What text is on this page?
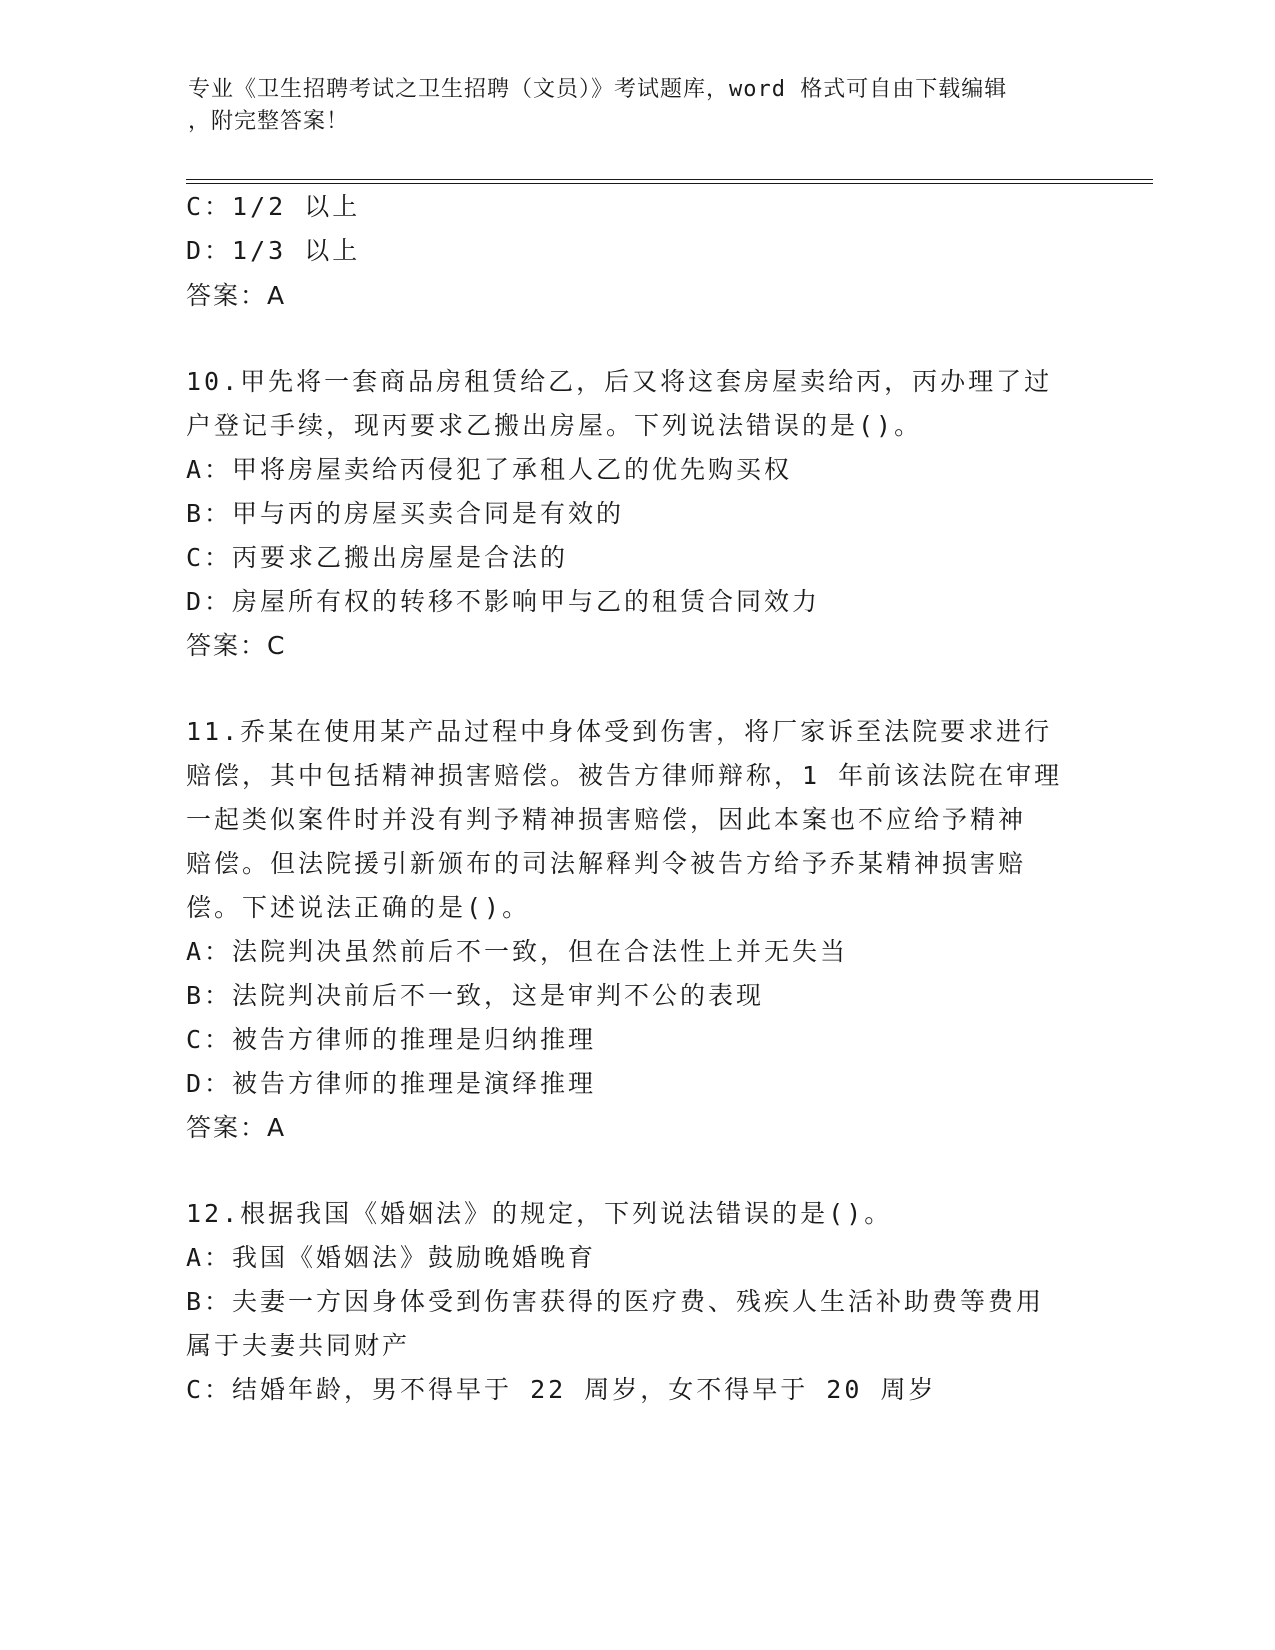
专业《卫生招聘考试之卫生招聘（文员）》考试题库，word 格式可自由下载编辑
，附完整答案！
C：1/2 以上
D：1/3 以上
答案：A
10.甲先将一套商品房租赁给乙，后又将这套房屋卖给丙，丙办理了过
户登记手续，现丙要求乙搬出房屋。下列说法错误的是()。
A：甲将房屋卖给丙侵犯了承租人乙的优先购买权
B：甲与丙的房屋买卖合同是有效的
C：丙要求乙搬出房屋是合法的
D：房屋所有权的转移不影响甲与乙的租赁合同效力
答案：C
11.乔某在使用某产品过程中身体受到伤害，将厂家诉至法院要求进行
赔偿，其中包括精神损害赔偿。被告方律师辩称，1 年前该法院在审理
一起类似案件时并没有判予精神损害赔偿，因此本案也不应给予精神
赔偿。但法院援引新颁布的司法解释判令被告方给予乔某精神损害赔
偿。下述说法正确的是()。
A：法院判决虽然前后不一致，但在合法性上并无失当
B：法院判决前后不一致，这是审判不公的表现
C：被告方律师的推理是归纳推理
D：被告方律师的推理是演绎推理
答案：A
12.根据我国《婚姻法》的规定，下列说法错误的是()。
A：我国《婚姻法》鼓励晚婚晚育
B：夫妻一方因身体受到伤害获得的医疗费、残疾人生活补助费等费用
属于夫妻共同财产
C：结婚年龄，男不得早于 22 周岁，女不得早于 20 周岁
